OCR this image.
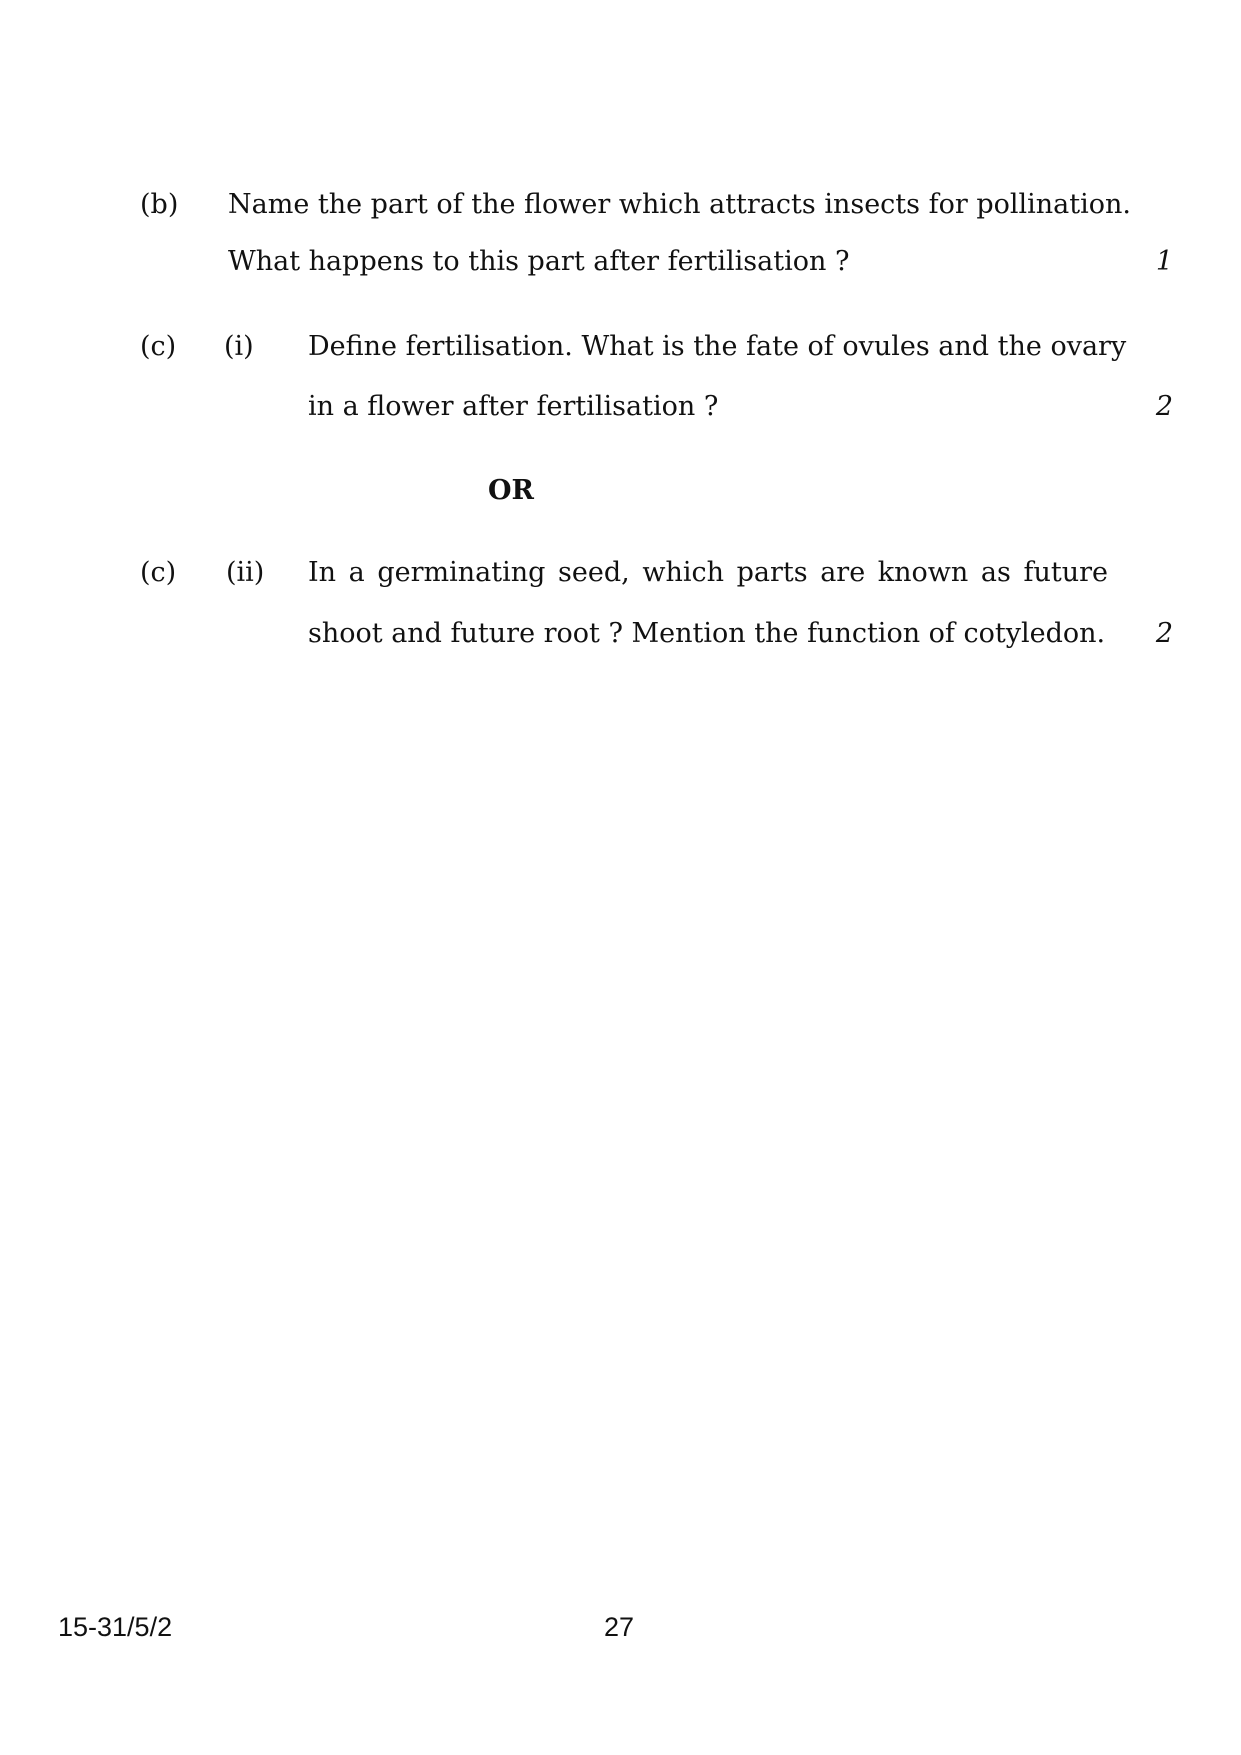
(b) Name the part of the flower which attracts insects for pollination.
What happens to this part after fertilisation ?	1
(c) (i) Define fertilisation. What is the fate of ovules and the ovary
in a flower after fertilisation ?	2
OR
(c) (ii) In a germinating seed, which parts are known as future
shoot and future root ? Mention the function of cotyledon. 2
15-31/5/2	27
